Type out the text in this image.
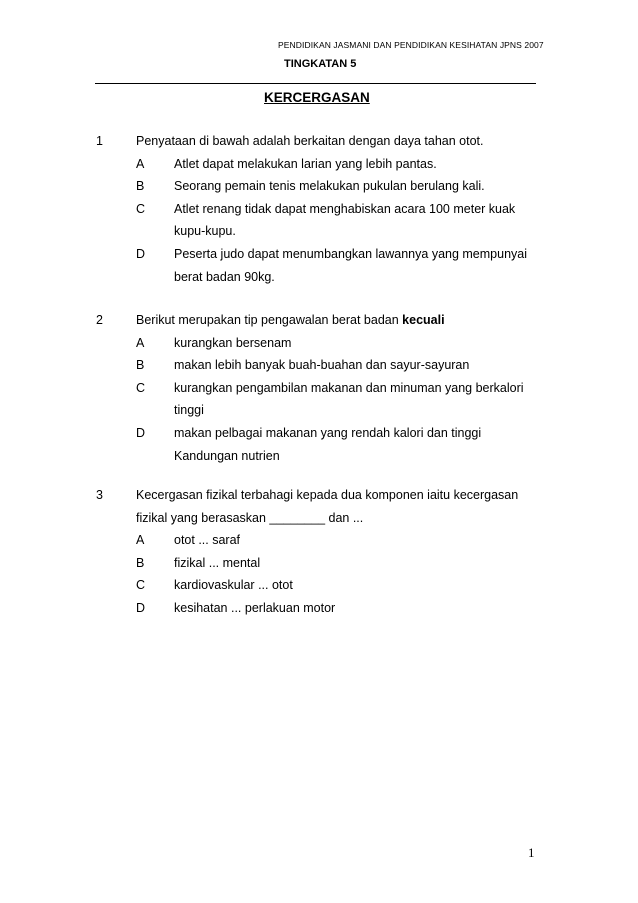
PENDIDIKAN JASMANI DAN PENDIDIKAN KESIHATAN JPNS 2007
TINGKATAN 5
KERCERGASAN
1	Penyataan di bawah adalah berkaitan dengan daya tahan otot.
A	Atlet dapat melakukan larian yang lebih pantas.
B	Seorang pemain tenis melakukan pukulan berulang kali.
C	Atlet renang tidak dapat menghabiskan acara 100 meter kuak kupu-kupu.
D	Peserta judo dapat menumbangkan lawannya yang mempunyai berat badan 90kg.
2	Berikut merupakan tip pengawalan berat badan kecuali
A	kurangkan bersenam
B	makan lebih banyak buah-buahan dan sayur-sayuran
C	kurangkan pengambilan makanan dan minuman yang berkalori tinggi
D	makan pelbagai makanan yang rendah kalori dan tinggi Kandungan nutrien
3	Kecergasan fizikal terbahagi kepada dua komponen iaitu kecergasan fizikal yang berasaskan ________ dan ...
A	otot ... saraf
B	fizikal ... mental
C	kardiovaskular ... otot
D	kesihatan ... perlakuan motor
1
